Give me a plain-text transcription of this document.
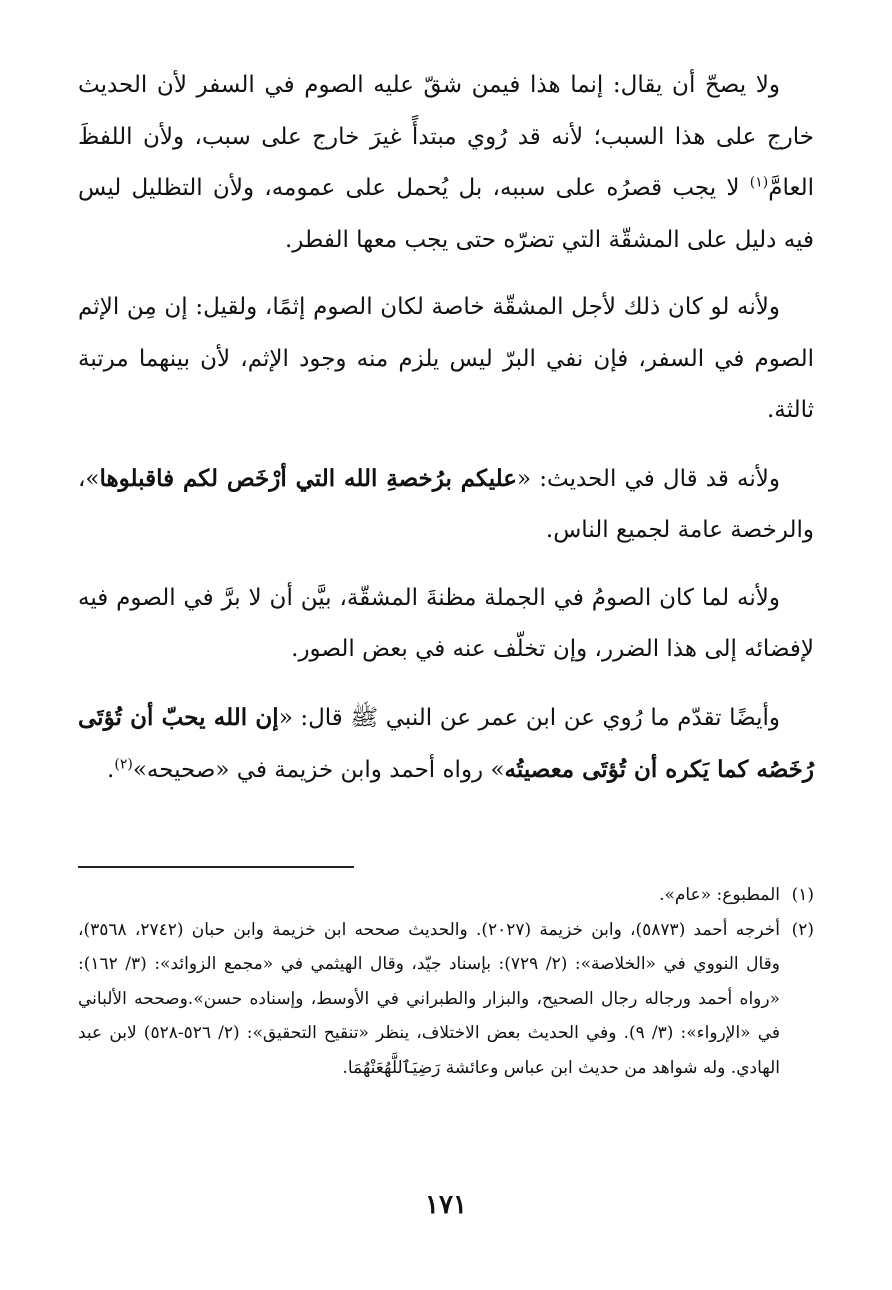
ولا يصحّ أن يقال: إنما هذا فيمن شقّ عليه الصوم في السفر لأن الحديث خارج على هذا السبب؛ لأنه قد رُوي مبتدأً غيرَ خارج على سبب، ولأن اللفظَ العامَّ$^{(١)}$ لا يجب قصرُه على سببه، بل يُحمل على عمومه، ولأن التظليل ليس فيه دليل على المشقّة التي تضرّه حتى يجب معها الفطر.

ولأنه لو كان ذلك لأجل المشقّة خاصة لكان الصوم إثمًا، ولقيل: إن مِن الإثم الصوم في السفر، فإن نفي البرّ ليس يلزم منه وجود الإثم، لأن بينهما مرتبة ثالثة.

ولأنه قد قال في الحديث: «عليكم برُخصةِ الله التي أرْخَص لكم فاقبلوها»، والرخصة عامة لجميع الناس.

ولأنه لما كان الصومُ في الجملة مظنةَ المشقّة، بيَّن أن لا برَّ في الصوم فيه لإفضائه إلى هذا الضرر، وإن تخلّف عنه في بعض الصور.

وأيضًا تقدّم ما رُوي عن ابن عمر عن النبي ﷺ قال: «إن الله يحبّ أن تُؤتَى رُخَصُه كما يَكره أن تُؤتَى معصيتُه» رواه أحمد وابن خزيمة في «صحيحه»$^{(٢)}$.

(١)
المطبوع: «عام».

(٢)
أخرجه أحمد (٥٨٧٣)، وابن خزيمة (٢٠٢٧). والحديث صححه ابن خزيمة وابن حبان (٢٧٤٢، ٣٥٦٨)، وقال النووي في «الخلاصة»: (٢/ ٧٢٩): بإسناد جيّد، وقال الهيثمي في «مجمع الزوائد»: (٣/ ١٦٢): «رواه أحمد ورجاله رجال الصحيح، والبزار والطبراني في الأوسط، وإسناده حسن».وصححه الألباني في «الإرواء»: (٣/ ٩). وفي الحديث بعض الاختلاف، ينظر «تنقيح التحقيق»: (٢/ ٥٢٦-٥٢٨) لابن عبد الهادي. وله شواهد من حديث ابن عباس وعائشة رَضِيَٱللَّهُعَنْهُمَا.

١٧١
